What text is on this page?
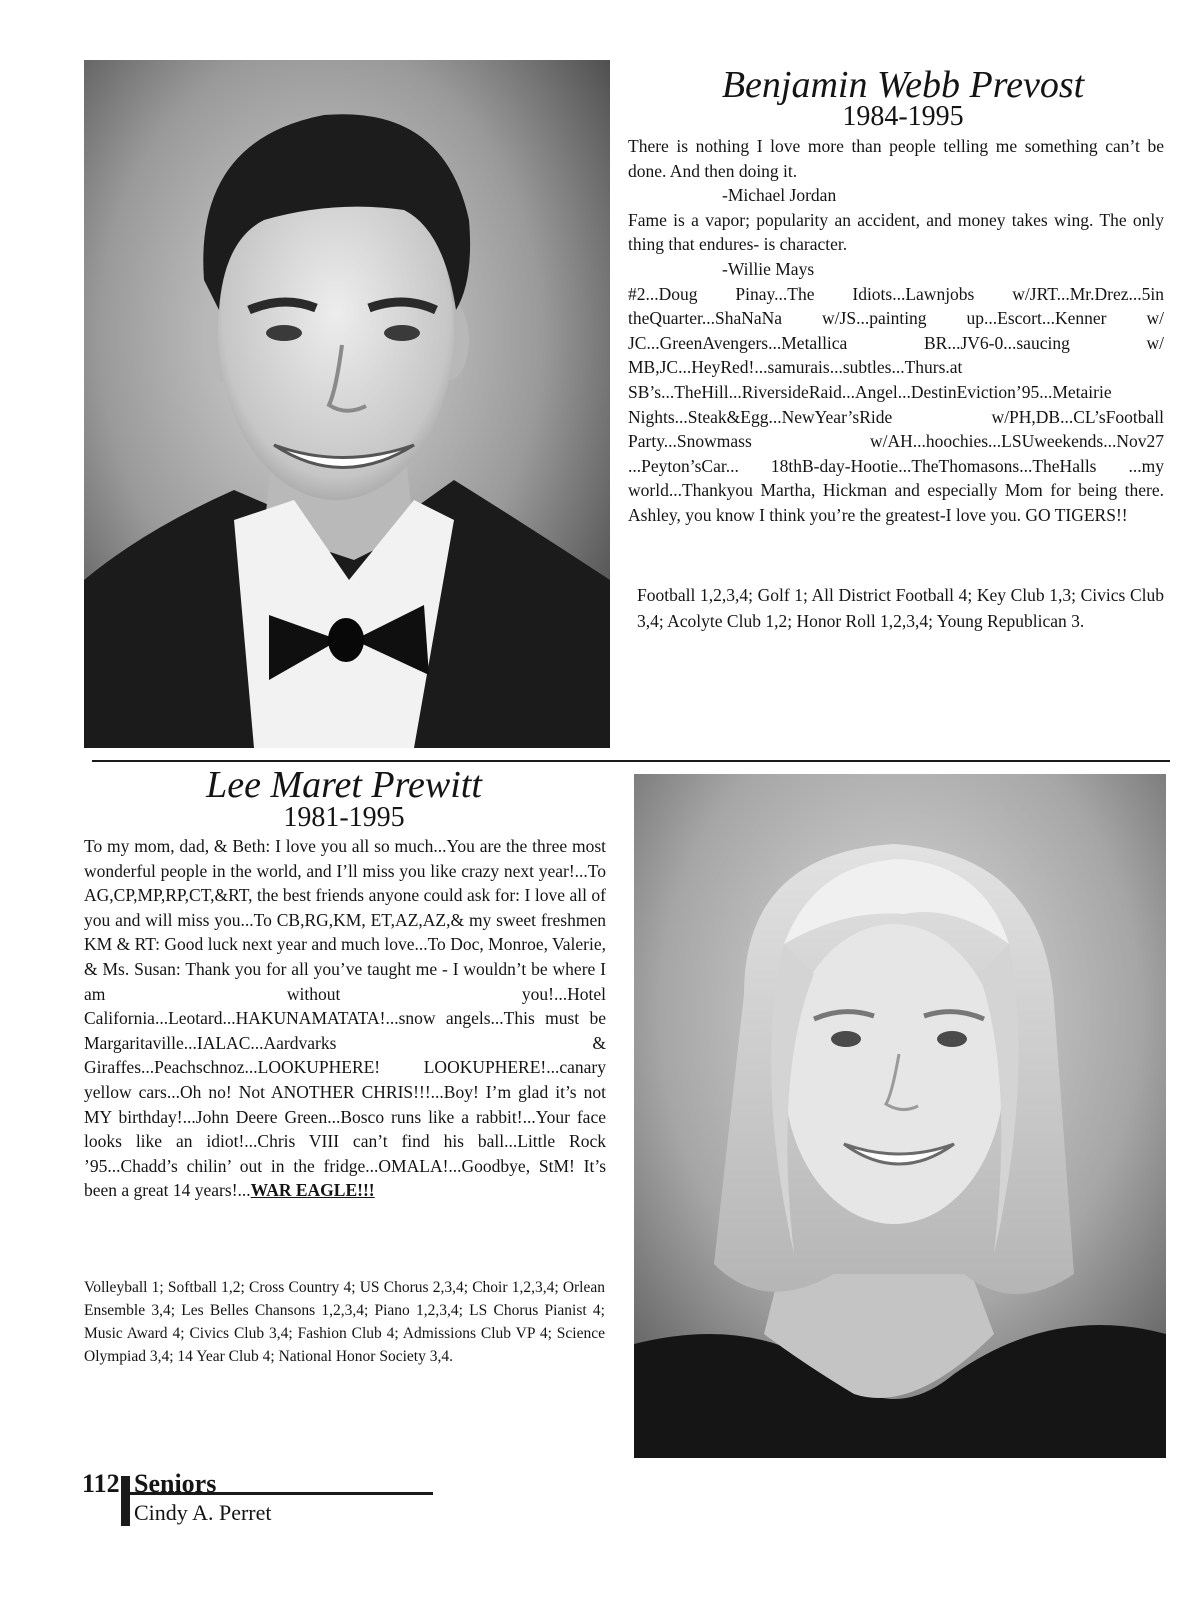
Benjamin Webb Prevost
1984-1995

There is nothing I love more than people telling me something can’t be done. And then doing it.

-Michael Jordan

Fame is a vapor; popularity an accident, and money takes wing. The only thing that endures- is character.

-Willie Mays

#2...Doug Pinay...The Idiots...Lawnjobs w/JRT...Mr.Drez...5in theQuarter...ShaNaNa w/JS...painting up...Escort...Kenner w/ JC...GreenAvengers...Metallica BR...JV6-0...saucing w/ MB,JC...HeyRed!...samurais...subtles...Thurs.at SB’s...TheHill...RiversideRaid...Angel...DestinEviction’95...Metairie Nights...Steak&Egg...NewYear’sRide w/PH,DB...CL’sFootball Party...Snowmass w/AH...hoochies...LSUweekends...Nov27 ...Peyton’sCar... 18thB-day-Hootie...TheThomasons...TheHalls ...my world...Thankyou Martha, Hickman and especially Mom for being there. Ashley, you know I think you’re the greatest-I love you. GO TIGERS!!

Football 1,2,3,4; Golf 1; All District Football 4; Key Club 1,3; Civics Club 3,4; Acolyte Club 1,2; Honor Roll 1,2,3,4; Young Republican 3.
Lee Maret Prewitt
1981-1995

To my mom, dad, & Beth: I love you all so much...You are the three most wonderful people in the world, and I’ll miss you like crazy next year!...To AG,CP,MP,RP,CT,&RT, the best friends anyone could ask for: I love all of you and will miss you...To CB,RG,KM, ET,AZ,AZ,& my sweet freshmen KM & RT: Good luck next year and much love...To Doc, Monroe, Valerie, & Ms. Susan: Thank you for all you’ve taught me - I wouldn’t be where I am without you!...Hotel California...Leotard...HAKUNAMATATA!...snow angels...This must be Margaritaville...IALAC...Aardvarks & Giraffes...Peachschnoz...LOOKUPHERE! LOOKUPHERE!...canary yellow cars...Oh no! Not ANOTHER CHRIS!!!...Boy! I’m glad it’s not MY birthday!...John Deere Green...Bosco runs like a rabbit!...Your face looks like an idiot!...Chris VIII can’t find his ball...Little Rock ’95...Chadd’s chilin’ out in the fridge...OMALA!...Goodbye, StM! It’s been a great 14 years!...WAR EAGLE!!!

Volleyball 1; Softball 1,2; Cross Country 4; US Chorus 2,3,4; Choir 1,2,3,4; Orlean Ensemble 3,4; Les Belles Chansons 1,2,3,4; Piano 1,2,3,4; LS Chorus Pianist 4; Music Award 4; Civics Club 3,4; Fashion Club 4; Admissions Club VP 4; Science Olympiad 3,4; 14 Year Club 4; National Honor Society 3,4.
112 Seniors
Cindy A. Perret
